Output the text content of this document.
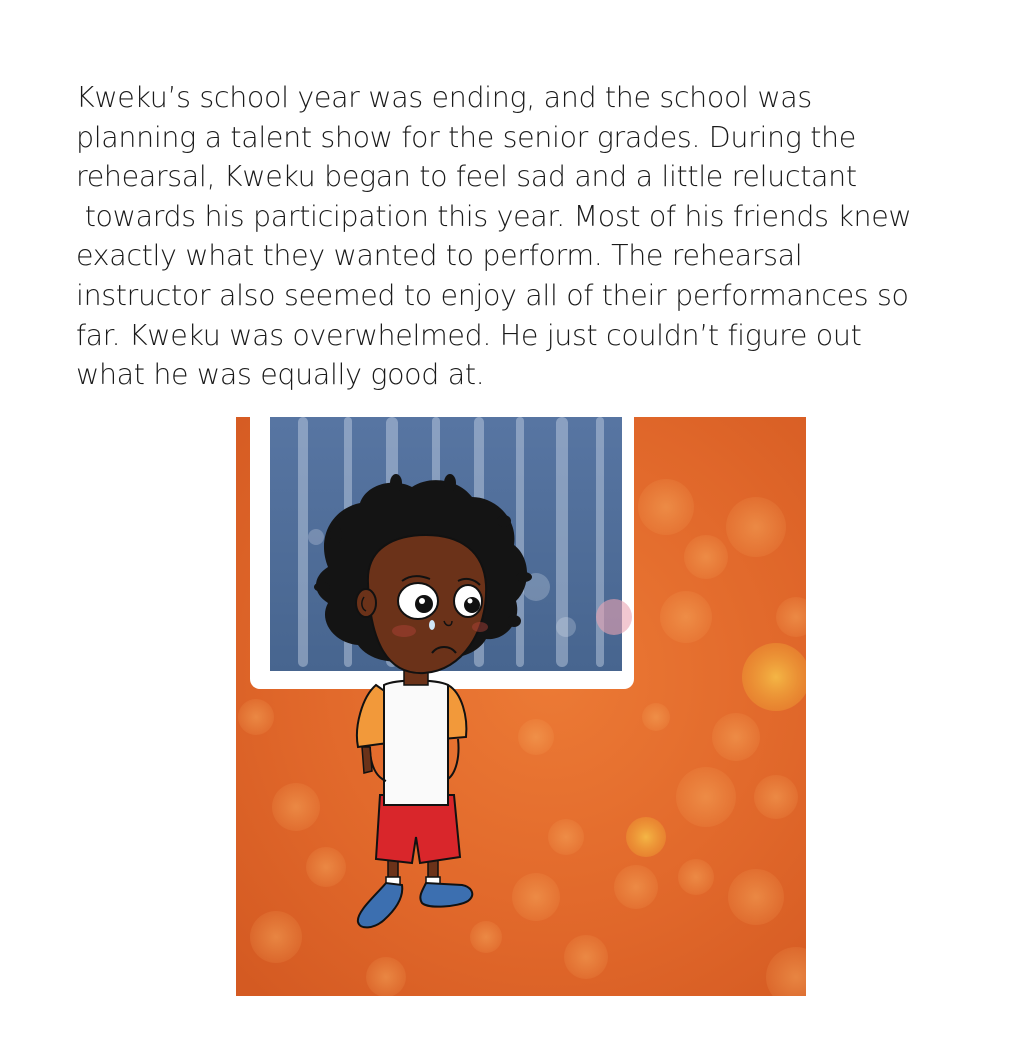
Kweku’s school year was ending, and the school was
planning a talent show for the senior grades. During the
rehearsal, Kweku began to feel sad and a little reluctant
towards his participation this year. Most of his friends knew
exactly what they wanted to perform. The rehearsal
instructor also seemed to enjoy all of their performances so
far. Kweku was overwhelmed. He just couldn’t figure out
what he was equally good at.
